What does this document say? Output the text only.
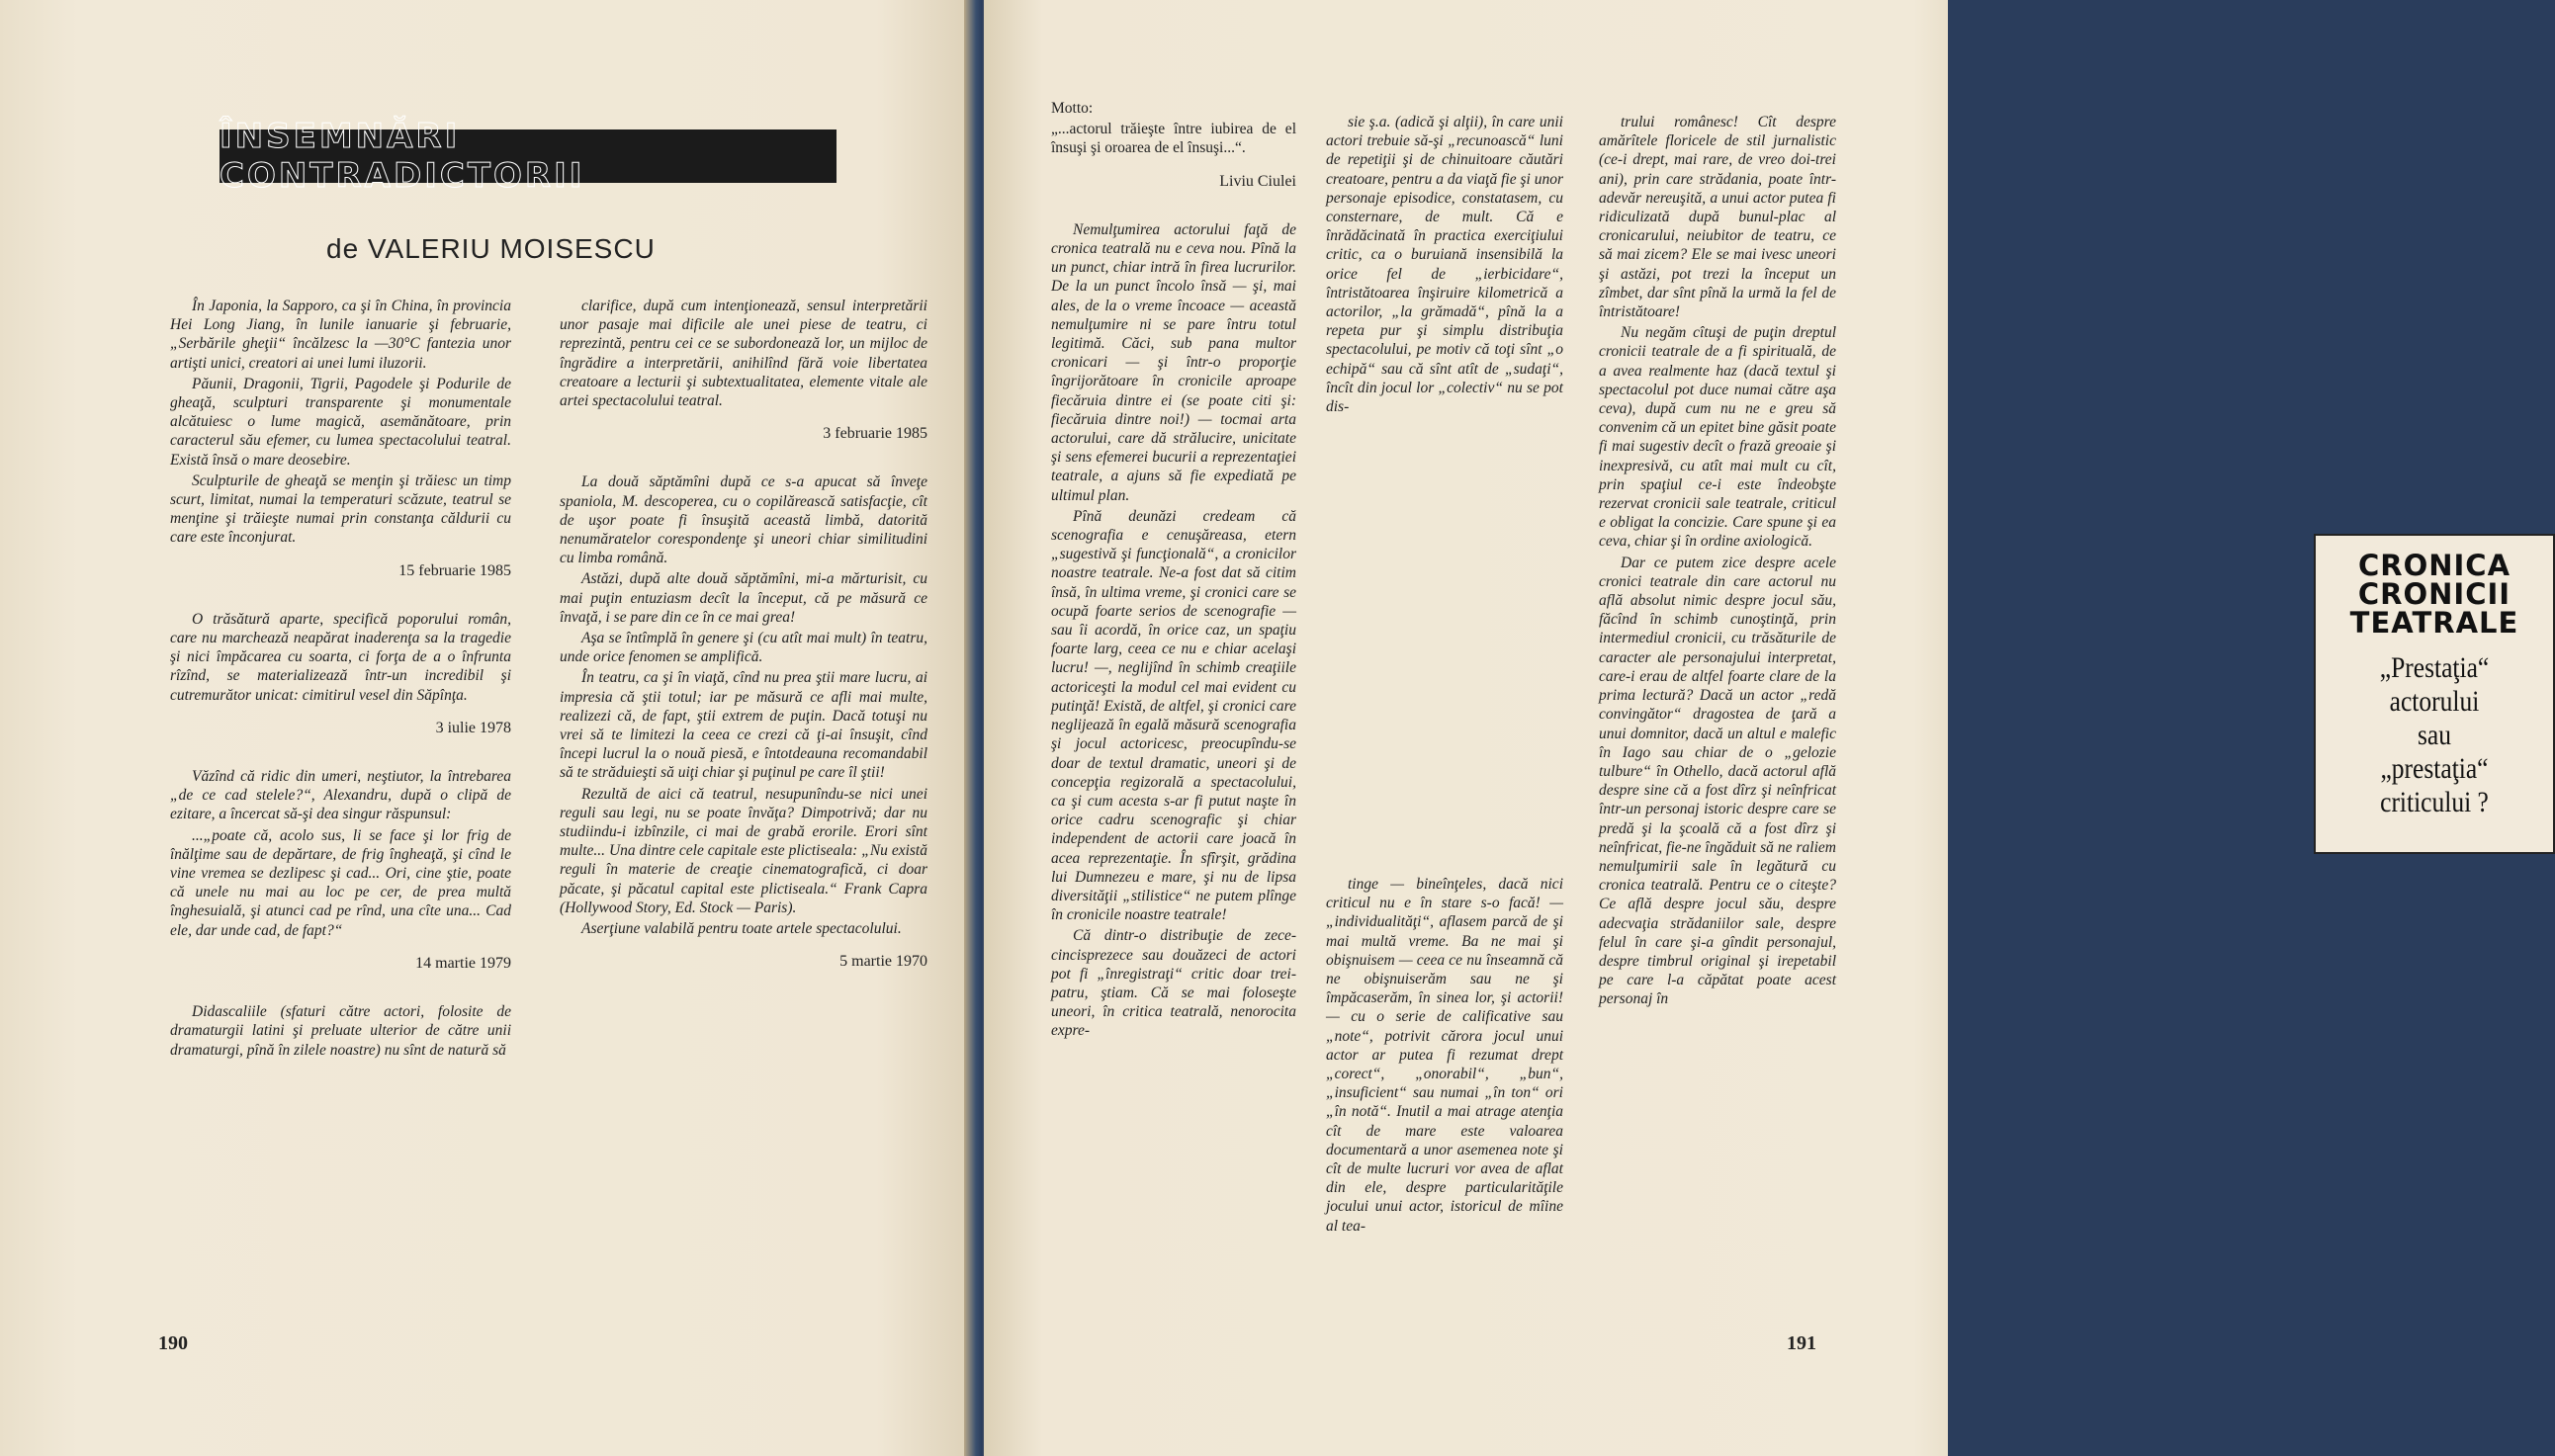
ÎNSEMNĂRI CONTRADICTORII
de VALERIU MOISESCU

În Japonia, la Sapporo, ca şi în China, în provincia Hei Long Jiang, în lunile ianuarie şi februarie, „Serbările gheţii“ încălzesc la —30°C fantezia unor artişti unici, creatori ai unei lumi iluzorii.

Păunii, Dragonii, Tigrii, Pagodele şi Podurile de gheaţă, sculpturi transparente şi monumentale alcătuiesc o lume magică, asemănătoare, prin caracterul său efemer, cu lumea spectacolului teatral. Există însă o mare deosebire.

Sculpturile de gheaţă se menţin şi trăiesc un timp scurt, limitat, numai la temperaturi scăzute, teatrul se menţine şi trăieşte numai prin constanţa căldurii cu care este înconjurat.

15 februarie 1985

O trăsătură aparte, specifică poporului român, care nu marchează neapărat inaderenţa sa la tragedie şi nici împăcarea cu soarta, ci forţa de a o înfrunta rîzînd, se materializează într-un incredibil şi cutremurător unicat: cimitirul vesel din Săpînţa.

3 iulie 1978

Văzînd că ridic din umeri, neştiutor, la întrebarea „de ce cad stelele?“, Alexandru, după o clipă de ezitare, a încercat să-şi dea singur răspunsul:

...„poate că, acolo sus, li se face şi lor frig de înălţime sau de depărtare, de frig îngheaţă, şi cînd le vine vremea se dezlipesc şi cad... Ori, cine ştie, poate că unele nu mai au loc pe cer, de prea multă înghesuială, şi atunci cad pe rînd, una cîte una... Cad ele, dar unde cad, de fapt?“

14 martie 1979

Didascaliile (sfaturi către actori, folosite de dramaturgii latini şi preluate ulterior de către unii dramaturgi, pînă în zilele noastre) nu sînt de natură să

clarifice, după cum intenţionează, sensul interpretării unor pasaje mai dificile ale unei piese de teatru, ci reprezintă, pentru cei ce se subordonează lor, un mijloc de îngrădire a interpretării, anihilînd fără voie libertatea creatoare a lecturii şi subtextualitatea, elemente vitale ale artei spectacolului teatral.

3 februarie 1985

La două săptămîni după ce s-a apucat să înveţe spaniola, M. descoperea, cu o copilărească satisfacţie, cît de uşor poate fi însuşită această limbă, datorită nenumăratelor corespondenţe şi uneori chiar similitudini cu limba română.

Astăzi, după alte două săptămîni, mi-a mărturisit, cu mai puţin entuziasm decît la început, că pe măsură ce învaţă, i se pare din ce în ce mai grea!

Aşa se întîmplă în genere şi (cu atît mai mult) în teatru, unde orice fenomen se amplifică.

În teatru, ca şi în viaţă, cînd nu prea ştii mare lucru, ai impresia că ştii totul; iar pe măsură ce afli mai multe, realizezi că, de fapt, ştii extrem de puţin. Dacă totuşi nu vrei să te limitezi la ceea ce crezi că ţi-ai însuşit, cînd începi lucrul la o nouă piesă, e întotdeauna recomandabil să te străduieşti să uiţi chiar şi puţinul pe care îl ştii!

Rezultă de aici că teatrul, nesupunîndu-se nici unei reguli sau legi, nu se poate învăţa? Dimpotrivă; dar nu studiindu-i izbînzile, ci mai de grabă erorile. Erori sînt multe... Una dintre cele capitale este plictiseala: „Nu există reguli în materie de creaţie cinematografică, ci doar păcate, şi păcatul capital este plictiseala.“ Frank Capra (Hollywood Story, Ed. Stock — Paris).

Aserţiune valabilă pentru toate artele spectacolului.

5 martie 1970

190

Motto:

„...actorul trăieşte între iubirea de el însuşi şi oroarea de el însuşi...“.

Liviu Ciulei

Nemulţumirea actorului faţă de cronica teatrală nu e ceva nou. Pînă la un punct, chiar intră în firea lucrurilor. De la un punct încolo însă — şi, mai ales, de la o vreme încoace — această nemulţumire ni se pare întru totul legitimă. Căci, sub pana multor cronicari — şi într-o proporţie îngrijorătoare în cronicile aproape fiecăruia dintre ei (se poate citi şi: fiecăruia dintre noi!) — tocmai arta actorului, care dă strălucire, unicitate şi sens efemerei bucurii a reprezentaţiei teatrale, a ajuns să fie expediată pe ultimul plan.

Pînă deunăzi credeam că scenografia e cenuşăreasa, etern „sugestivă şi funcţională“, a cronicilor noastre teatrale. Ne-a fost dat să citim însă, în ultima vreme, şi cronici care se ocupă foarte serios de scenografie — sau îi acordă, în orice caz, un spaţiu foarte larg, ceea ce nu e chiar acelaşi lucru! —, neglijînd în schimb creaţiile actoriceşti la modul cel mai evident cu putinţă! Există, de altfel, şi cronici care neglijează în egală măsură scenografia şi jocul actoricesc, preocupîndu-se doar de textul dramatic, uneori şi de concepţia regizorală a spectacolului, ca şi cum acesta s-ar fi putut naşte în orice cadru scenografic şi chiar independent de actorii care joacă în acea reprezentaţie. În sfîrşit, grădina lui Dumnezeu e mare, şi nu de lipsa diversităţii „stilistice“ ne putem plînge în cronicile noastre teatrale!

Că dintr-o distribuţie de zece-cincisprezece sau douăzeci de actori pot fi „înregistraţi“ critic doar trei-patru, ştiam. Că se mai foloseşte uneori, în critica teatrală, nenorocita expre-

sie ş.a. (adică şi alţii), în care unii actori trebuie să-şi „recunoască“ luni de repetiţii şi de chinuitoare căutări creatoare, pentru a da viaţă fie şi unor personaje episodice, constatasem, cu consternare, de mult. Că e înrădăcinată în practica exerciţiului critic, ca o buruiană insensibilă la orice fel de „ierbicidare“, întristătoarea înşiruire kilometrică a actorilor, „la grămadă“, pînă la a repeta pur şi simplu distribuţia spectacolului, pe motiv că toţi sînt „o echipă“ sau că sînt atît de „sudaţi“, încît din jocul lor „colectiv“ nu se pot dis-

CRONICA
CRONICII
TEATRALE
„Prestaţia“
actorului
sau
„prestaţia“
criticului ?

tinge — bineînţeles, dacă nici criticul nu e în stare s-o facă! — „individualităţi“, aflasem parcă de şi mai multă vreme. Ba ne mai şi obişnuisem — ceea ce nu înseamnă că ne obişnuiserăm sau ne şi împăcaserăm, în sinea lor, şi actorii! — cu o serie de calificative sau „note“, potrivit cărora jocul unui actor ar putea fi rezumat drept „corect“, „onorabil“, „bun“, „insuficient“ sau numai „în ton“ ori „în notă“. Inutil a mai atrage atenţia cît de mare este valoarea documentară a unor asemenea note şi cît de multe lucruri vor avea de aflat din ele, despre particularităţile jocului unui actor, istoricul de mîine al tea-

trului românesc! Cît despre amărîtele floricele de stil jurnalistic (ce-i drept, mai rare, de vreo doi-trei ani), prin care strădania, poate într-adevăr nereuşită, a unui actor putea fi ridiculizată după bunul-plac al cronicarului, neiubitor de teatru, ce să mai zicem? Ele se mai ivesc uneori şi astăzi, pot trezi la început un zîmbet, dar sînt pînă la urmă la fel de întristătoare!

Nu negăm cîtuşi de puţin dreptul cronicii teatrale de a fi spirituală, de a avea realmente haz (dacă textul şi spectacolul pot duce numai către aşa ceva), după cum nu ne e greu să convenim că un epitet bine găsit poate fi mai sugestiv decît o frază greoaie şi inexpresivă, cu atît mai mult cu cît, prin spaţiul ce-i este îndeobşte rezervat cronicii sale teatrale, criticul e obligat la concizie. Care spune şi ea ceva, chiar şi în ordine axiologică.

Dar ce putem zice despre acele cronici teatrale din care actorul nu află absolut nimic despre jocul său, făcînd în schimb cunoştinţă, prin intermediul cronicii, cu trăsăturile de caracter ale personajului interpretat, care-i erau de altfel foarte clare de la prima lectură? Dacă un actor „redă convingător“ dragostea de ţară a unui domnitor, dacă un altul e malefic în Iago sau chiar de o „gelozie tulbure“ în Othello, dacă actorul află despre sine că a fost dîrz şi neînfricat într-un personaj istoric despre care se predă şi la şcoală că a fost dîrz şi neînfricat, fie-ne îngăduit să ne raliem nemulţumirii sale în legătură cu cronica teatrală. Pentru ce o citeşte? Ce află despre jocul său, despre adecvaţia strădaniilor sale, despre felul în care şi-a gîndit personajul, despre timbrul original şi irepetabil pe care l-a căpătat poate acest personaj în

191
